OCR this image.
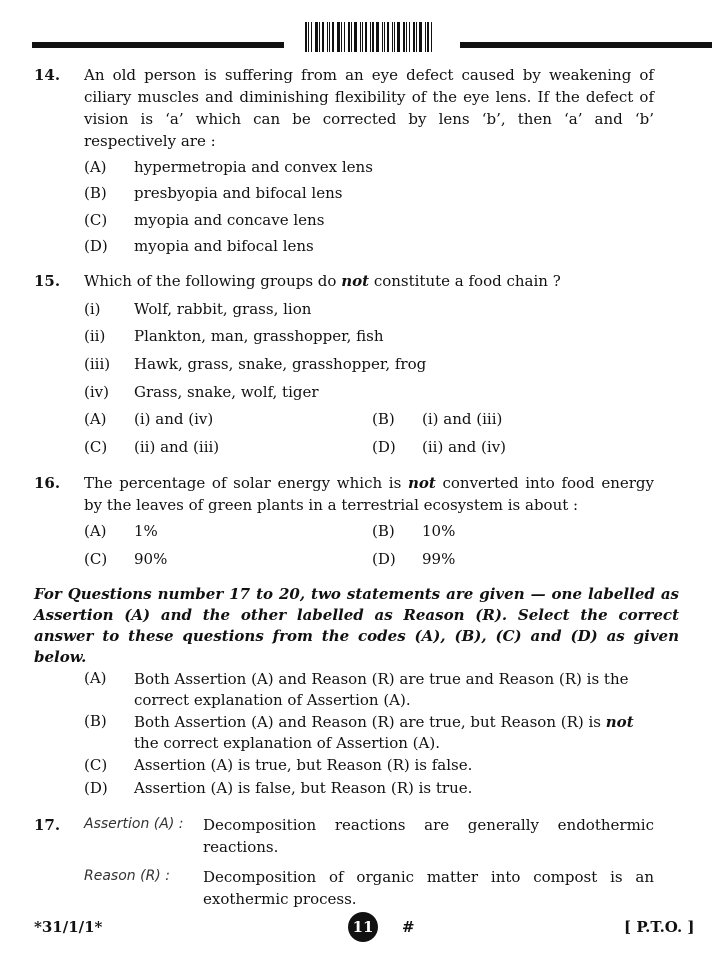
14. An old person is suffering from an eye defect caused by weakening of ciliary muscles and diminishing flexibility of the eye lens. If the defect of vision is ‘a’ which can be corrected by lens ‘b’, then ‘a’ and ‘b’ respectively are :
(A) hypermetropia and convex lens
(B) presbyopia and bifocal lens
(C) myopia and concave lens
(D) myopia and bifocal lens
15. Which of the following groups do not constitute a food chain ?
(i) Wolf, rabbit, grass, lion
(ii) Plankton, man, grasshopper, fish
(iii) Hawk, grass, snake, grasshopper, frog
(iv) Grass, snake, wolf, tiger
(A) (i) and (iv)	(B) (i) and (iii)
(C) (ii) and (iii)	(D) (ii) and (iv)
16. The percentage of solar energy which is not converted into food energy by the leaves of green plants in a terrestrial ecosystem is about :
(A) 1%	(B) 10%
(C) 90%	(D) 99%
For Questions number 17 to 20, two statements are given — one labelled as Assertion (A) and the other labelled as Reason (R). Select the correct answer to these questions from the codes (A), (B), (C) and (D) as given below.
(A) Both Assertion (A) and Reason (R) are true and Reason (R) is the
correct explanation of Assertion (A).
(B) Both Assertion (A) and Reason (R) are true, but Reason (R) is not
the correct explanation of Assertion (A).
(C) Assertion (A) is true, but Reason (R) is false.
(D) Assertion (A) is false, but Reason (R) is true.
17. Assertion (A) : Decomposition reactions are generally endothermic reactions.
Reason (R) : Decomposition of organic matter into compost is an exothermic process.
*31/1/1*	11	#	[ P.T.O. ]
